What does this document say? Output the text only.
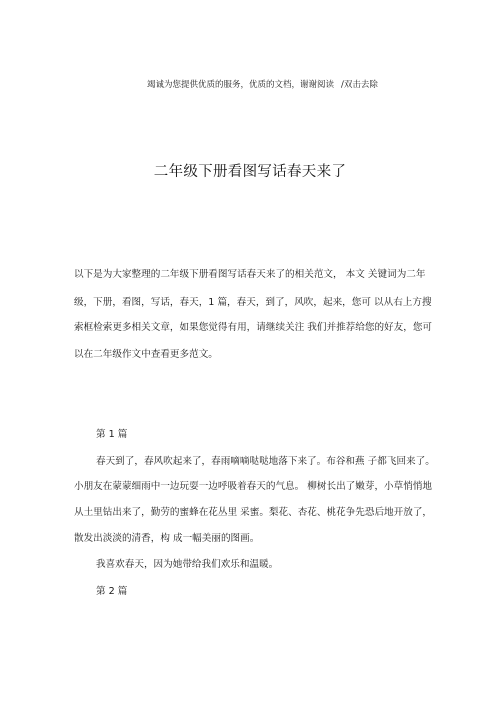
竭诚为您提供优质的服务，优质的文档，谢谢阅读 /双击去除
二年级下册看图写话春天来了
以下是为大家整理的二年级下册看图写话春天来了的相关范文， 本文 关键词为二年
级，下册，看图，写话，春天，1 篇，春天，到了，风吹，起来，您可 以从右上方搜
索框检索更多相关文章，如果您觉得有用，请继续关注 我们并推荐给您的好友，您可
以在二年级作文中查看更多范文。
第 1 篇
春天到了，春风吹起来了，春雨嘀嘀哒哒地落下来了。布谷和燕 子都飞回来了。
小朋友在蒙蒙细雨中一边玩耍一边呼吸着春天的气息。 柳树长出了嫩芽，小草悄悄地
从土里钻出来了，勤劳的蜜蜂在花丛里 采蜜。梨花、杏花、桃花争先恐后地开放了，
散发出淡淡的清香，构 成一幅美丽的图画。
我喜欢春天，因为她带给我们欢乐和温暖。
第 2 篇
